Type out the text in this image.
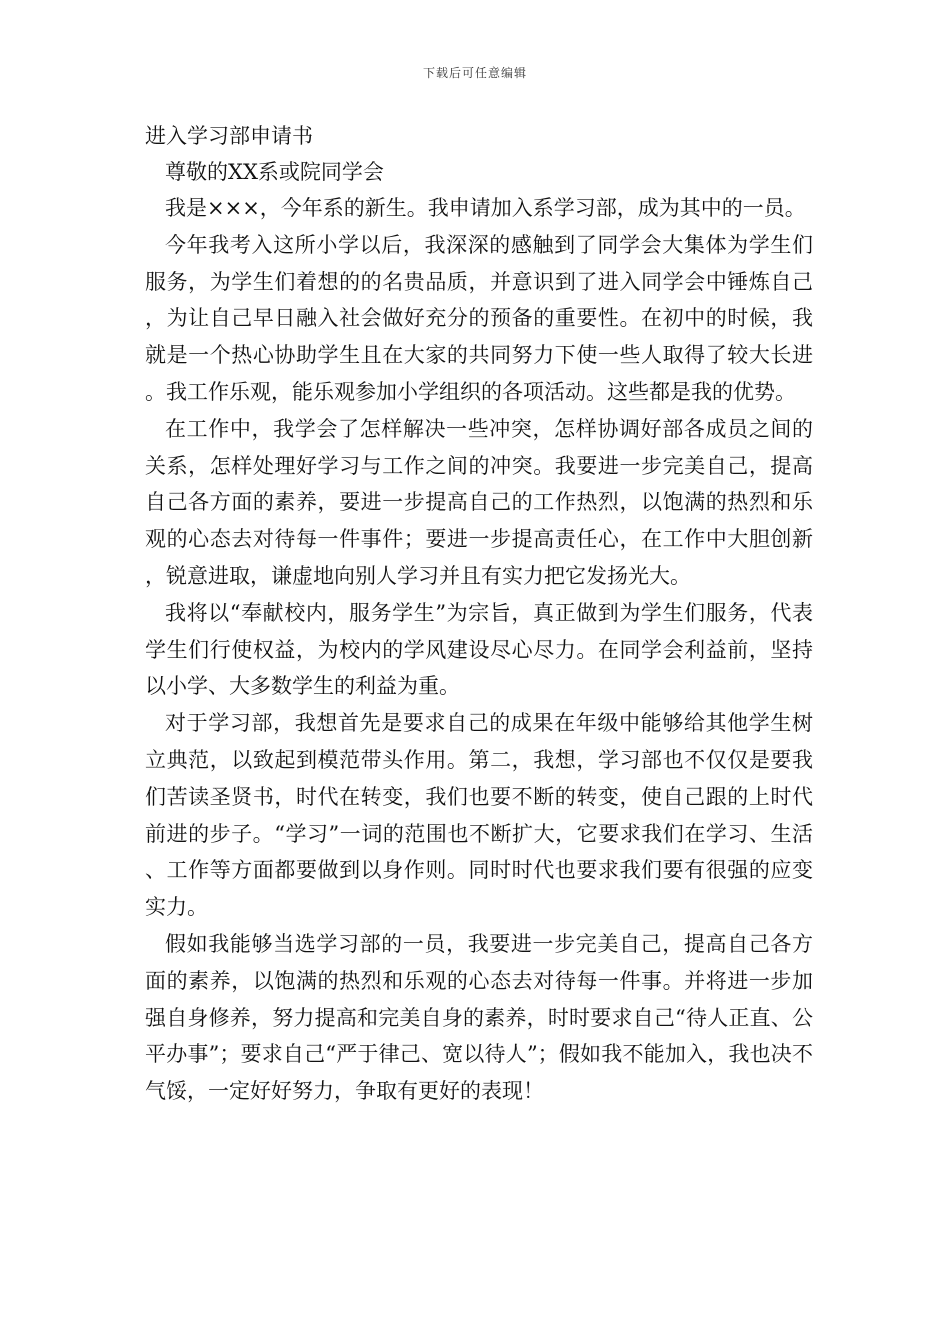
下载后可任意编辑
进入学习部申请书

尊敬的XX系或院同学会

我是×××，今年系的新生。我申请加入系学习部，成为其中的一员。

今年我考入这所小学以后，我深深的感触到了同学会大集体为学生们服务，为学生们着想的的名贵品质，并意识到了进入同学会中锤炼自己，为让自己早日融入社会做好充分的预备的重要性。在初中的时候，我就是一个热心协助学生且在大家的共同努力下使一些人取得了较大长进。我工作乐观，能乐观参加小学组织的各项活动。这些都是我的优势。

在工作中，我学会了怎样解决一些冲突，怎样协调好部各成员之间的关系，怎样处理好学习与工作之间的冲突。我要进一步完美自己，提高自己各方面的素养，要进一步提高自己的工作热烈，以饱满的热烈和乐观的心态去对待每一件事件；要进一步提高责任心，在工作中大胆创新，锐意进取，谦虚地向别人学习并且有实力把它发扬光大。

我将以“奉献校内，服务学生”为宗旨，真正做到为学生们服务，代表学生们行使权益，为校内的学风建设尽心尽力。在同学会利益前，坚持以小学、大多数学生的利益为重。

对于学习部，我想首先是要求自己的成果在年级中能够给其他学生树立典范，以致起到模范带头作用。第二，我想，学习部也不仅仅是要我们苦读圣贤书，时代在转变，我们也要不断的转变，使自己跟的上时代前进的步子。“学习”一词的范围也不断扩大，它要求我们在学习、生活、工作等方面都要做到以身作则。同时时代也要求我们要有很强的应变实力。

假如我能够当选学习部的一员，我要进一步完美自己，提高自己各方面的素养，以饱满的热烈和乐观的心态去对待每一件事。并将进一步加强自身修养，努力提高和完美自身的素养，时时要求自己“待人正直、公平办事”；要求自己“严于律己、宽以待人”；假如我不能加入，我也决不气馁，一定好好努力，争取有更好的表现！
